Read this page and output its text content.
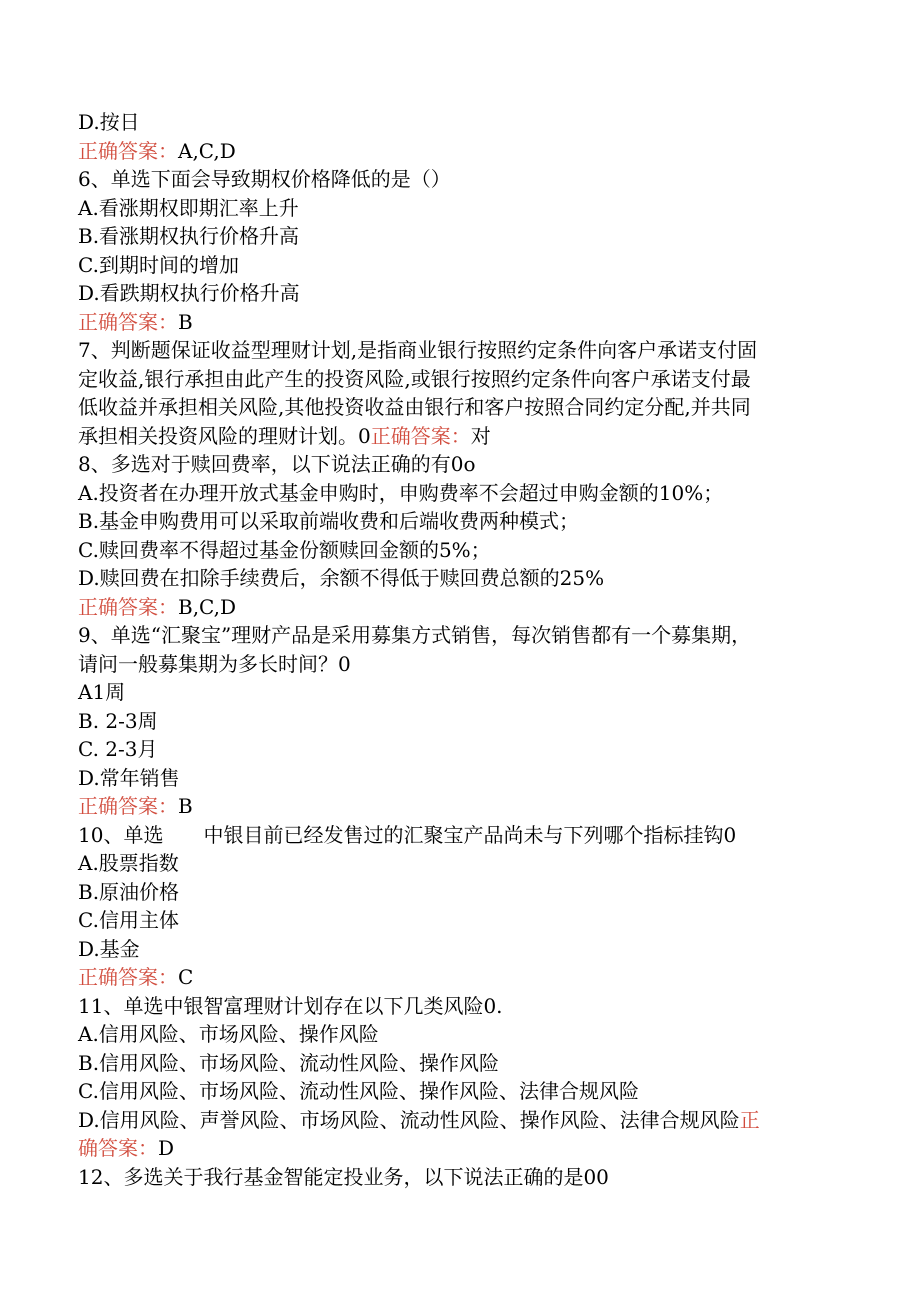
D.按日
正确答案：A,C,D
6、单选下面会导致期权价格降低的是（）
A.看涨期权即期汇率上升
B.看涨期权执行价格升高
C.到期时间的增加
D.看跌期权执行价格升高
正确答案：B
7、判断题保证收益型理财计划,是指商业银行按照约定条件向客户承诺支付固
定收益,银行承担由此产生的投资风险,或银行按照约定条件向客户承诺支付最
低收益并承担相关风险,其他投资收益由银行和客户按照合同约定分配,并共同
承担相关投资风险的理财计划。0正确答案：对
8、多选对于赎回费率，以下说法正确的有0o
A.投资者在办理开放式基金申购时，申购费率不会超过申购金额的10%；
B.基金申购费用可以采取前端收费和后端收费两种模式；
C.赎回费率不得超过基金份额赎回金额的5%；
D.赎回费在扣除手续费后，余额不得低于赎回费总额的25%
正确答案：B,C,D
9、单选“汇聚宝”理财产品是采用募集方式销售，每次销售都有一个募集期，
请问一般募集期为多长时间？0
A1周
B. 2-3周
C. 2-3月
D.常年销售
正确答案：B
10、单选 中银目前已经发售过的汇聚宝产品尚未与下列哪个指标挂钩0
A.股票指数
B.原油价格
C.信用主体
D.基金
正确答案：C
11、单选中银智富理财计划存在以下几类风险0.
A.信用风险、市场风险、操作风险
B.信用风险、市场风险、流动性风险、操作风险
C.信用风险、市场风险、流动性风险、操作风险、法律合规风险
D.信用风险、声誉风险、市场风险、流动性风险、操作风险、法律合规风险正
确答案：D
12、多选关于我行基金智能定投业务，以下说法正确的是00
